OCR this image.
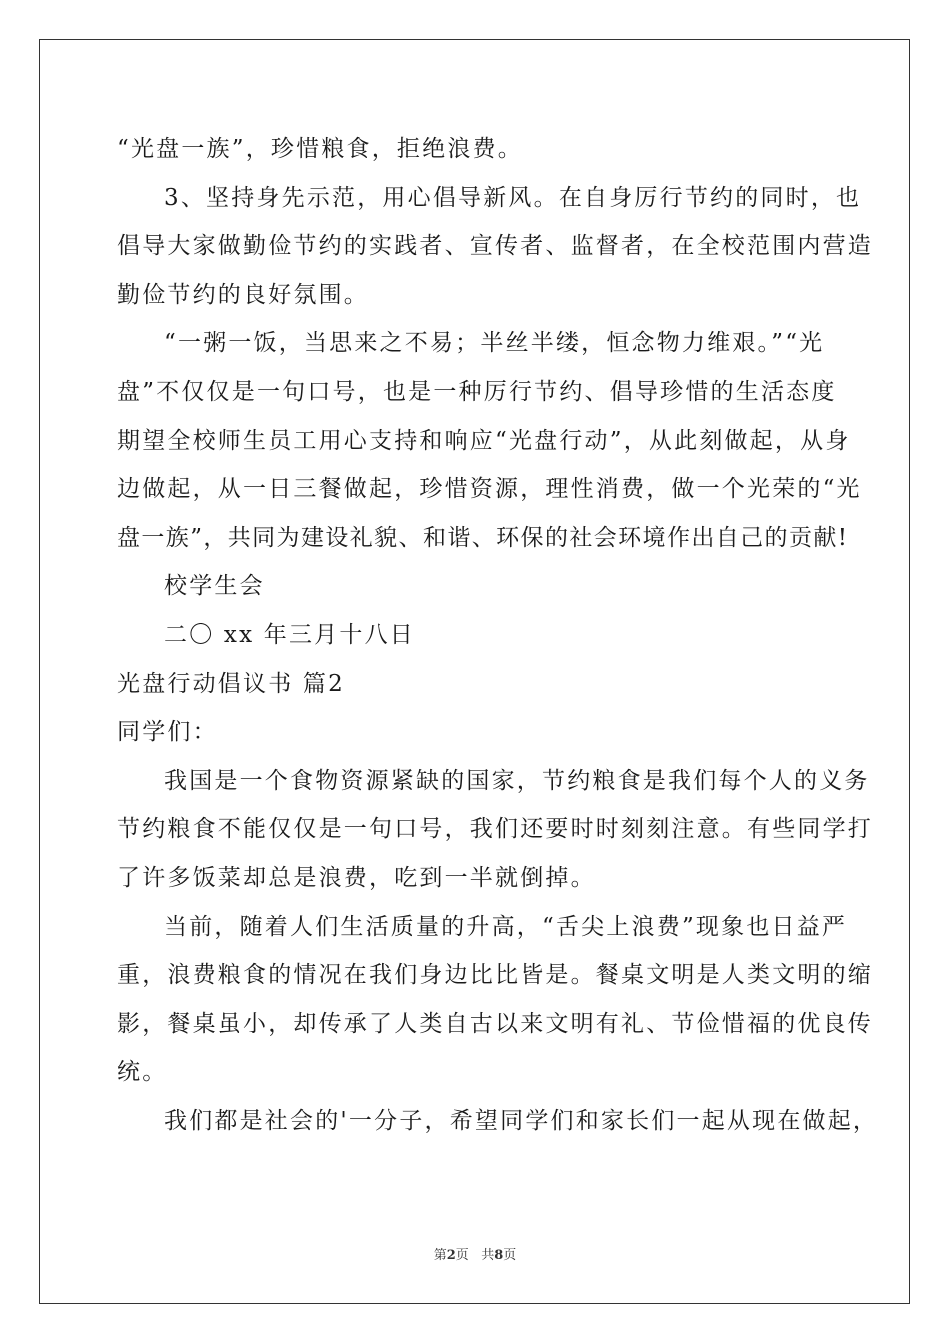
“光盘一族”，珍惜粮食，拒绝浪费。
3、坚持身先示范，用心倡导新风。在自身厉行节约的同时，也
倡导大家做勤俭节约的实践者、宣传者、监督者，在全校范围内营造
勤俭节约的良好氛围。
“一粥一饭，当思来之不易；半丝半缕，恒念物力维艰。”“光
盘”不仅仅是一句口号，也是一种厉行节约、倡导珍惜的生活态度
期望全校师生员工用心支持和响应“光盘行动”，从此刻做起，从身
边做起，从一日三餐做起，珍惜资源，理性消费，做一个光荣的“光
盘一族”，共同为建设礼貌、和谐、环保的社会环境作出自己的贡献!
校学生会
二〇 xx 年三月十八日
光盘行动倡议书 篇2
同学们：
我国是一个食物资源紧缺的国家，节约粮食是我们每个人的义务
节约粮食不能仅仅是一句口号，我们还要时时刻刻注意。有些同学打
了许多饭菜却总是浪费，吃到一半就倒掉。
当前，随着人们生活质量的升高，“舌尖上浪费”现象也日益严
重，浪费粮食的情况在我们身边比比皆是。餐桌文明是人类文明的缩
影，餐桌虽小，却传承了人类自古以来文明有礼、节俭惜福的优良传
统。
我们都是社会的'一分子，希望同学们和家长们一起从现在做起，
第2页 共8页
